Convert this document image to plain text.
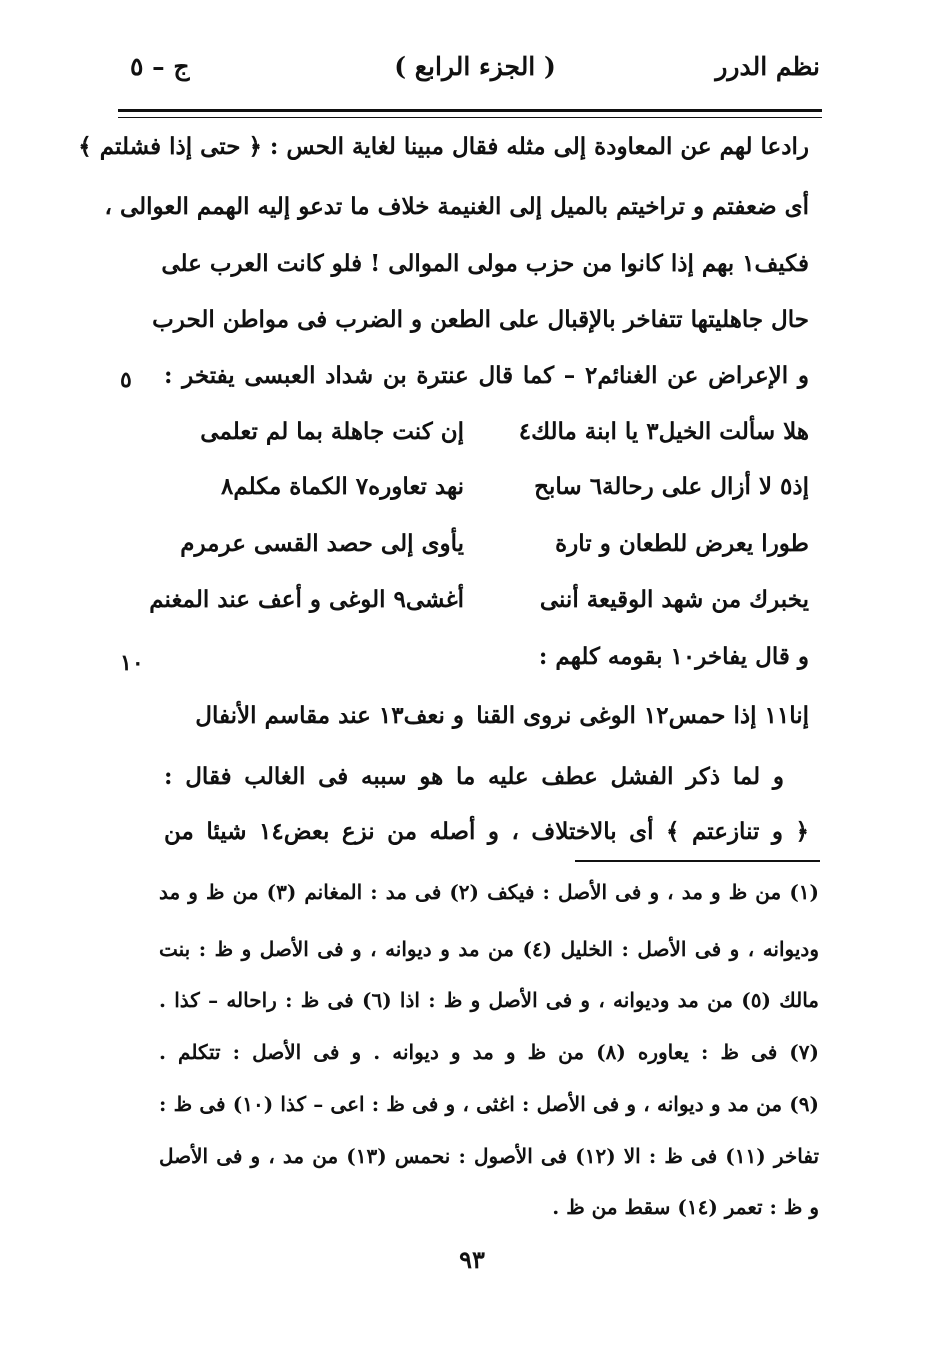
نظم الدرر
( الجزء الرابع )
ج – ٥
رادعا لهم عن المعاودة إلى مثله فقال مبينا لغاية الحس : ﴿ حتى إذا فشلتم ﴾
أى ضعفتم و تراخيتم بالميل إلى الغنيمة خلاف ما تدعو إليه الهمم العوالى ،
فكيف١ بهم إذا كانوا من حزب مولى الموالى ! فلو كانت العرب على
حال جاهليتها تتفاخر بالإقبال على الطعن و الضرب فى مواطن الحرب
و الإعراض عن الغنائم٢ – كما قال عنترة بن شداد العبسى يفتخر :
٥
هلا سألت الخيل٣ يا ابنة مالك٤
إن كنت جاهلة بما لم تعلمى
إذ٥ لا أزال على رحالة٦ سابح
نهد تعاوره٧ الكماة مكلم٨
طورا يعرض للطعان و تارة
يأوى إلى حصد القسى عرمرم
يخبرك من شهد الوقيعة أننى
أغشى٩ الوغى و أعف عند المغنم
و قال يفاخر١٠ بقومه كلهم :
١٠
إنا١١ إذا حمس١٢ الوغى نروى القنا
و نعف١٣ عند مقاسم الأنفال
و لما ذكر الفشل عطف عليه ما هو سببه فى الغالب فقال :
﴿ و تنازعتم ﴾ أى بالاختلاف ، و أصله من نزع بعض١٤ شيئا من
(١) من ظ و مد ، و فى الأصل : فيكف (٢) فى مد : المغانم (٣) من ظ و مد
وديوانه ، و فى الأصل : الخليل (٤) من مد و ديوانه ، و فى الأصل و ظ : بنت
مالك (٥) من مد وديوانه ، و فى الأصل و ظ : اذا (٦) فى ظ : راحاله – كذا .
(٧) فى ظ : يعاوره (٨) من ظ و مد و ديوانه . و فى الأصل : تتكلم .
(٩) من مد و ديوانه ، و فى الأصل : اغثى ، و فى ظ : اعى – كذا (١٠) فى ظ :
تفاخر (١١) فى ظ : الا (١٢) فى الأصول : نحمس (١٣) من مد ، و فى الأصل
و ظ : تعمر (١٤) سقط من ظ .
٩٣
